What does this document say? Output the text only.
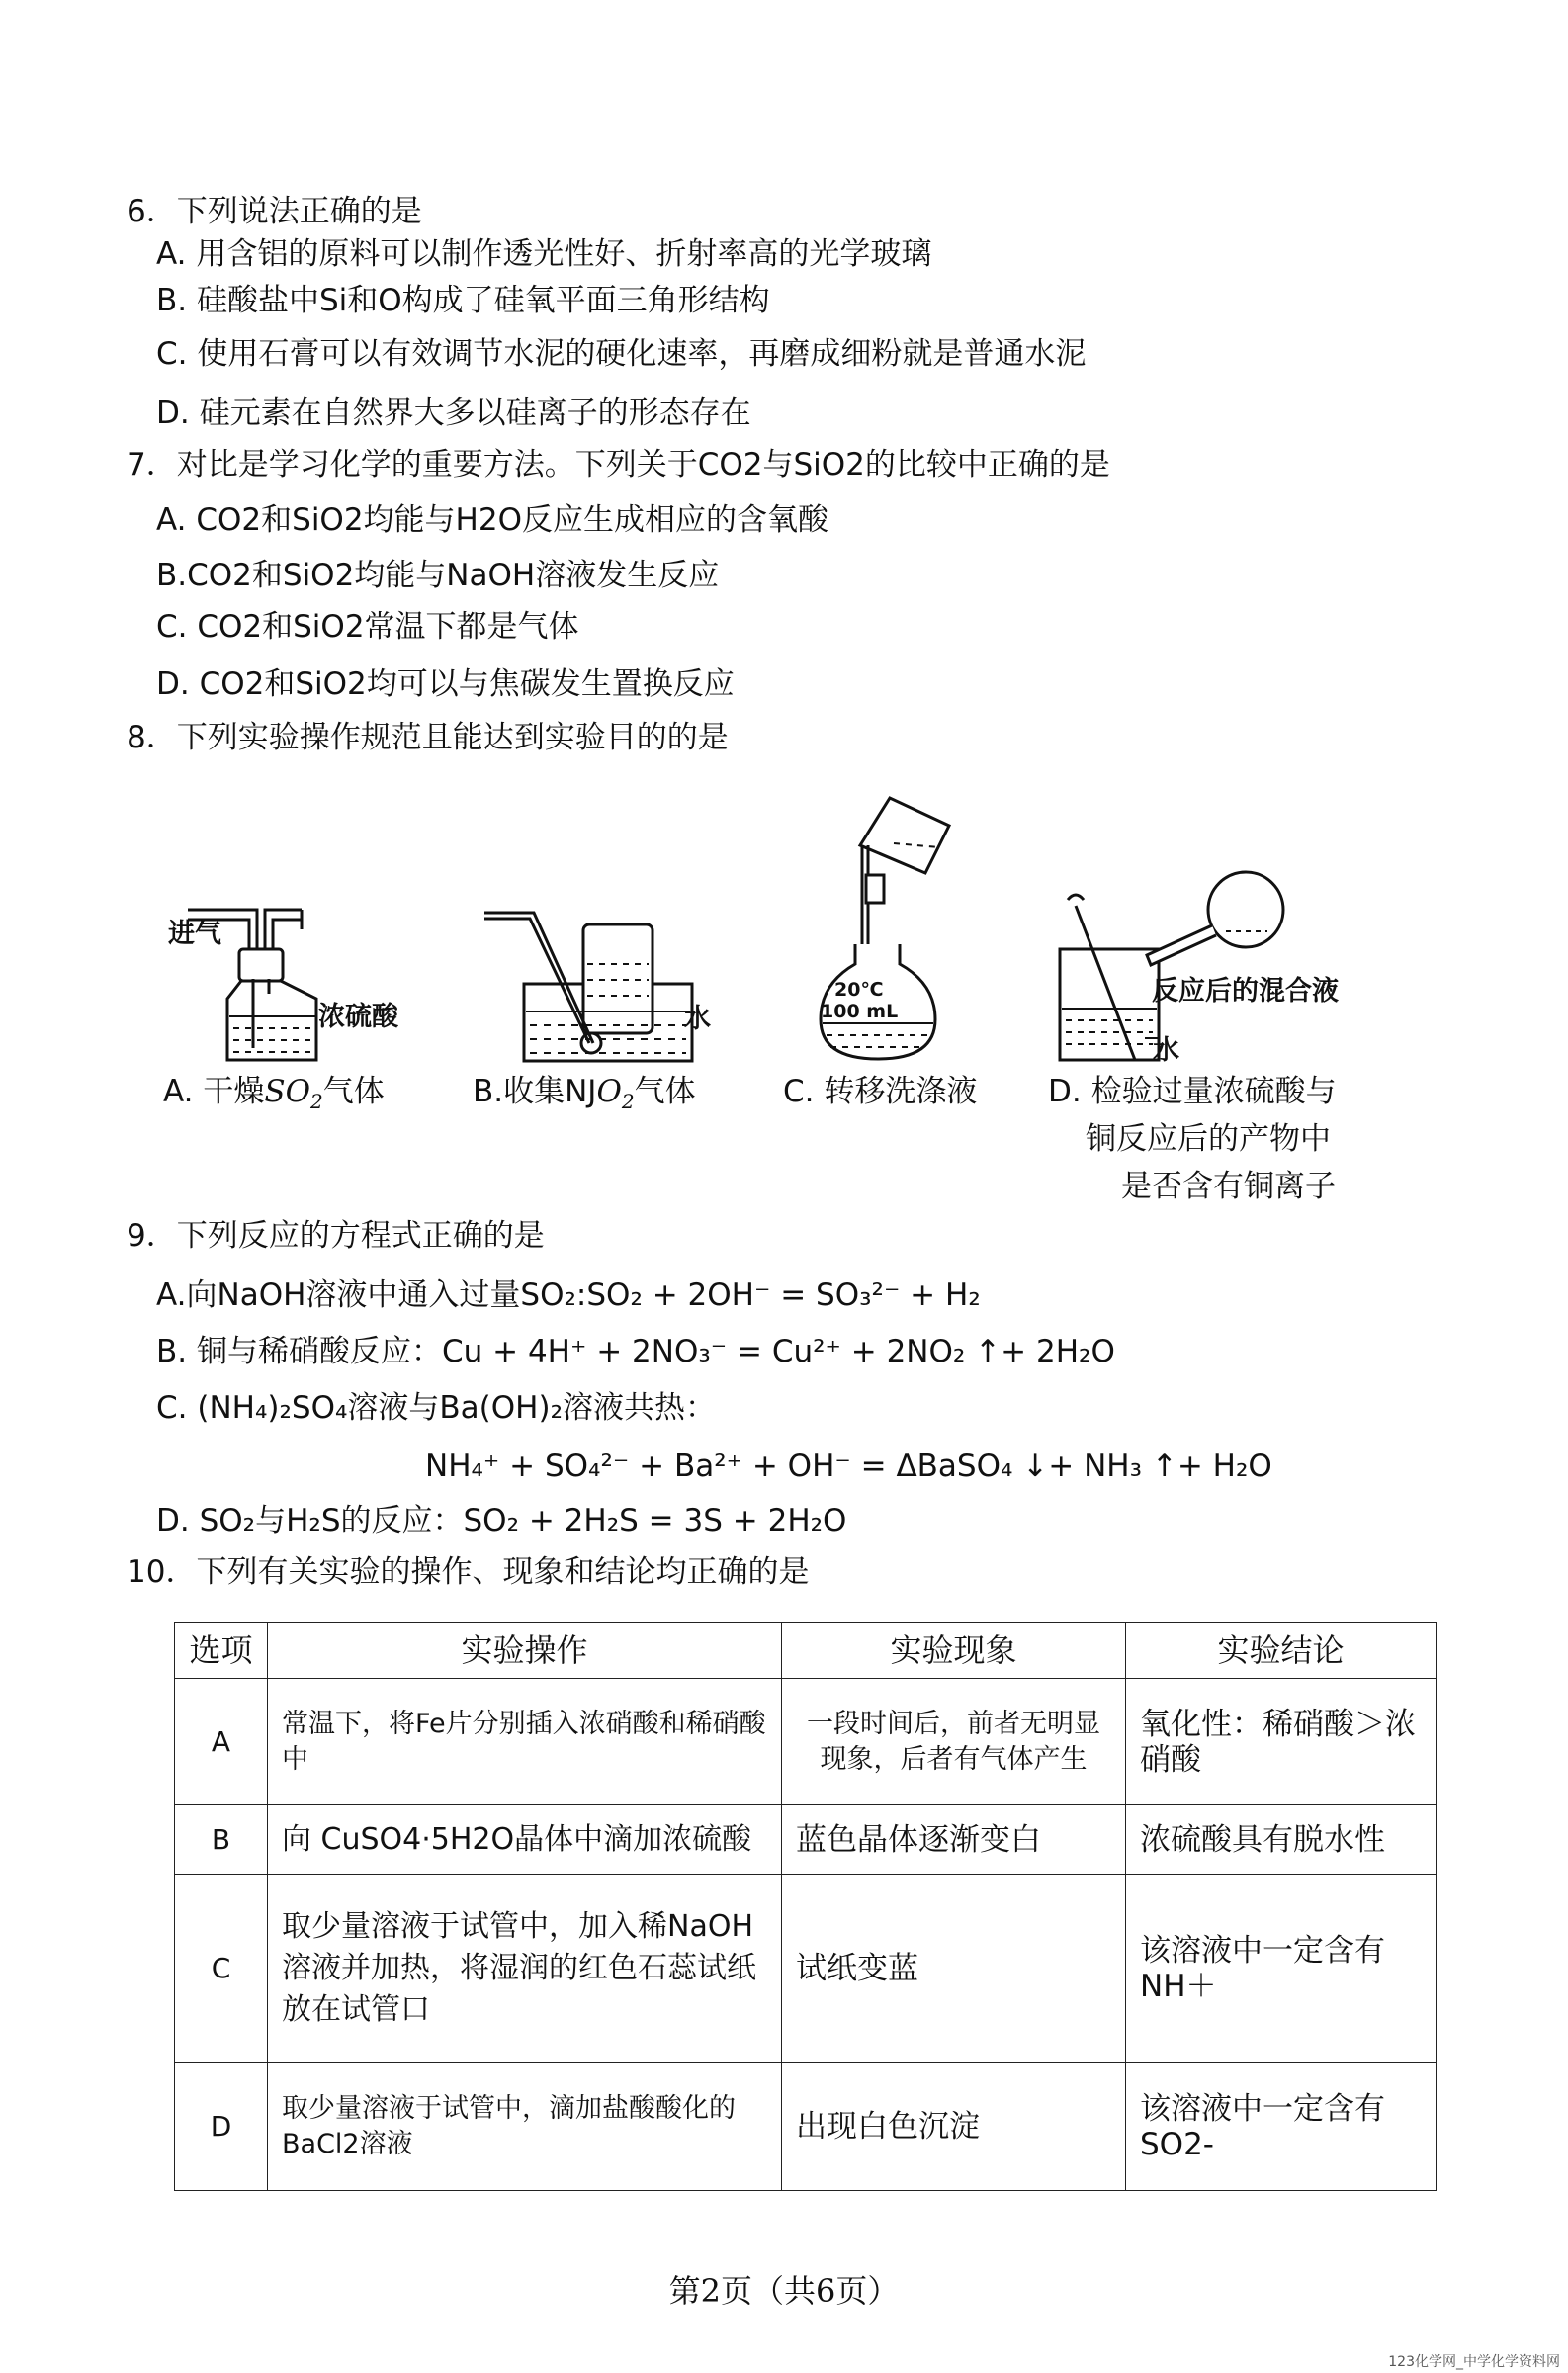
6．下列说法正确的是
A. 用含铝的原料可以制作透光性好、折射率高的光学玻璃
B. 硅酸盐中Si和O构成了硅氧平面三角形结构
C. 使用石膏可以有效调节水泥的硬化速率，再磨成细粉就是普通水泥
D. 硅元素在自然界大多以硅离子的形态存在
7．对比是学习化学的重要方法。下列关于CO2与SiO2的比较中正确的是
A. CO2和SiO2均能与H2O反应生成相应的含氧酸
B.CO2和SiO2均能与NaOH溶液发生反应
C. CO2和SiO2常温下都是气体
D. CO2和SiO2均可以与焦碳发生置换反应
8．下列实验操作规范且能达到实验目的的是
进气
浓硫酸	水
20℃
100 mL
反应后的混合液
水
A. 干燥$SO_2$气体	B.收集$NJO_2$气体	C. 转移洗涤液 D. 检验过量浓硫酸与
铜反应后的产物中
是否含有铜离子
9．下列反应的方程式正确的是
A.向NaOH溶液中通入过量SO₂:SO₂ + 2OH⁻ = SO₃²⁻ + H₂
B. 铜与稀硝酸反应：Cu + 4H⁺ + 2NO₃⁻ = Cu²⁺ + 2NO₂ ↑+ 2H₂O
C. (NH₄)₂SO₄溶液与Ba(OH)₂溶液共热：
NH₄⁺ + SO₄²⁻ + Ba²⁺ + OH⁻ = ΔBaSO₄ ↓+ NH₃ ↑+ H₂O
D. SO₂与H₂S的反应：SO₂ + 2H₂S = 3S + 2H₂O
10．下列有关实验的操作、现象和结论均正确的是
选项	实验操作	实验现象	实验结论
A	常温下，将Fe片分别插入浓硝酸和稀硝酸中	一段时间后，前者无明显现象，后者有气体产生	氧化性：稀硝酸＞浓硝酸
B	向 CuSO4·5H2O晶体中滴加浓硫酸	蓝色晶体逐渐变白	浓硫酸具有脱水性
C	取少量溶液于试管中，加入稀NaOH 溶液并加热，将湿润的红色石蕊试纸放在试管口	试纸变蓝	该溶液中一定含有NH＋
D	取少量溶液于试管中，滴加盐酸酸化的BaCl2溶液	出现白色沉淀	该溶液中一定含有SO2-
第2页（共6页）
123化学网_中学化学资料网
